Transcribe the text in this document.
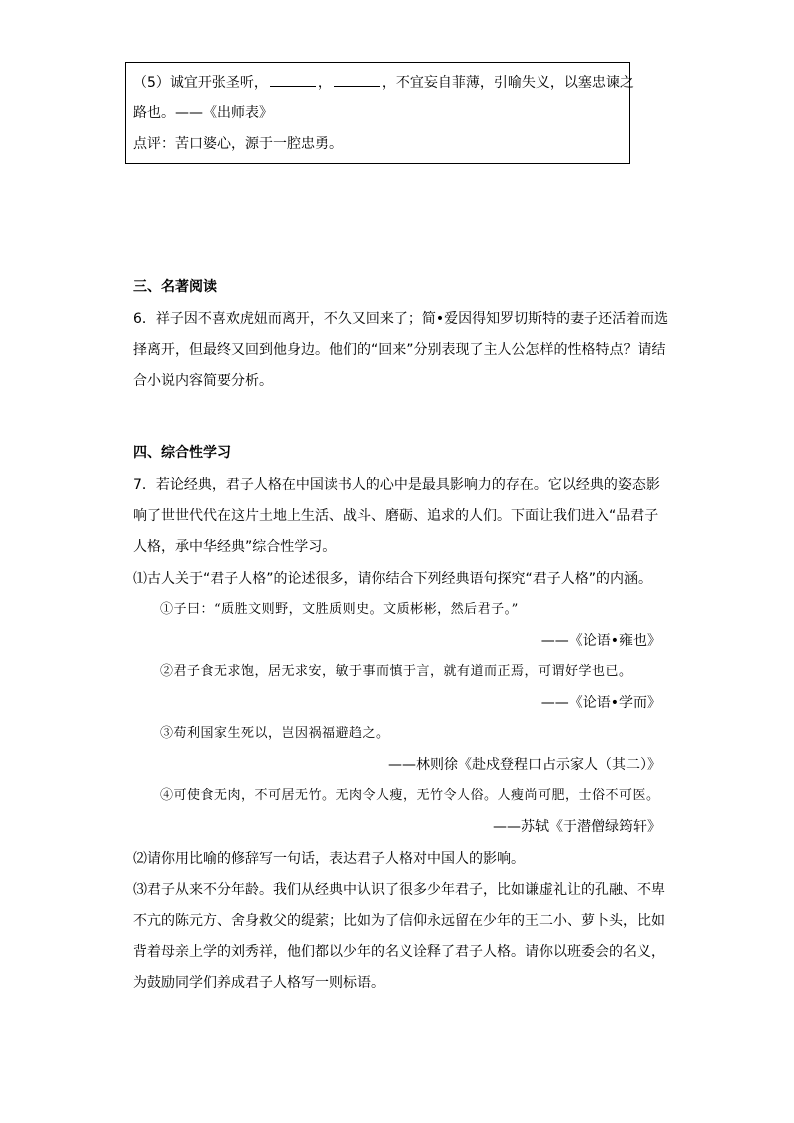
（5）诚宜开张圣听，	，	，不宜妄自菲薄，引喻失义，以塞忠谏之
路也。——《出师表》
点评：苦口婆心，源于一腔忠勇。
三、名著阅读
6．祥子因不喜欢虎妞而离开，不久又回来了；简•爱因得知罗切斯特的妻子还活着而选
择离开，但最终又回到他身边。他们的“回来”分别表现了主人公怎样的性格特点？请结
合小说内容简要分析。
四、综合性学习
7．若论经典，君子人格在中国读书人的心中是最具影响力的存在。它以经典的姿态影
响了世世代代在这片土地上生活、战斗、磨砺、追求的人们。下面让我们进入“品君子
人格，承中华经典”综合性学习。
⑴古人关于“君子人格”的论述很多，请你结合下列经典语句探究“君子人格”的内涵。
①子曰：“质胜文则野，文胜质则史。文质彬彬，然后君子。”
——《论语•雍也》
②君子食无求饱，居无求安，敏于事而慎于言，就有道而正焉，可谓好学也已。
——《论语•学而》
③苟利国家生死以，岂因祸福避趋之。
——林则徐《赴戍登程口占示家人（其二）》
④可使食无肉，不可居无竹。无肉令人瘦，无竹令人俗。人瘦尚可肥，士俗不可医。
——苏轼《于潜僧绿筠轩》
⑵请你用比喻的修辞写一句话，表达君子人格对中国人的影响。
⑶君子从来不分年龄。我们从经典中认识了很多少年君子，比如谦虚礼让的孔融、不卑
不亢的陈元方、舍身救父的缇萦；比如为了信仰永远留在少年的王二小、萝卜头，比如
背着母亲上学的刘秀祥，他们都以少年的名义诠释了君子人格。请你以班委会的名义，
为鼓励同学们养成君子人格写一则标语。
